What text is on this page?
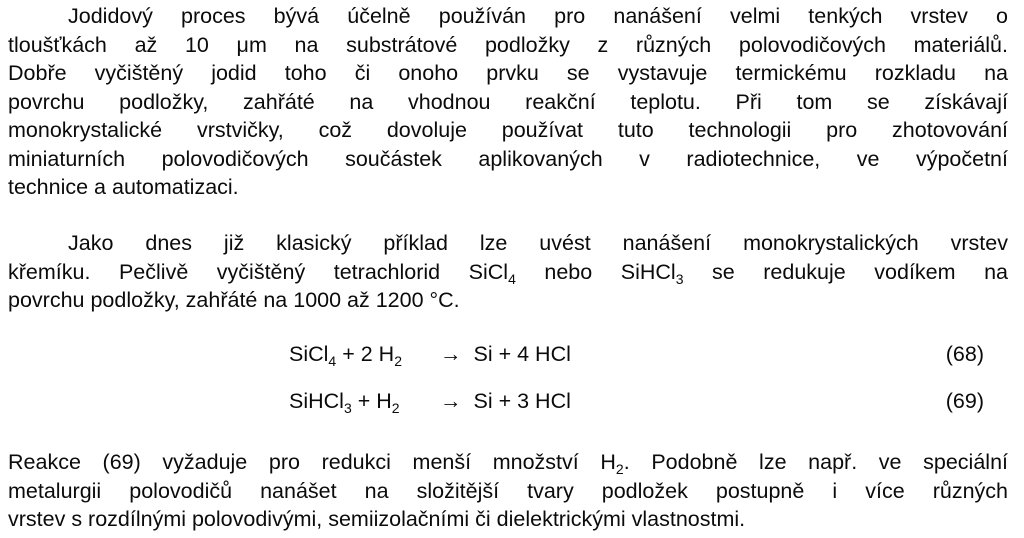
Jodidový proces bývá účelně používán pro nanášení velmi tenkých vrstev o
tloušťkách až 10 μm na substrátové podložky z různých polovodičových materiálů.
Dobře vyčištěný jodid toho či onoho prvku se vystavuje termickému rozkladu na
povrchu podložky, zahřáté na vhodnou reakční teplotu. Při tom se získávají
monokrystalické vrstvičky, což dovoluje používat tuto technologii pro zhotovování
miniaturních polovodičových součástek aplikovaných v radiotechnice, ve výpočetní
technice a automatizaci.

Jako dnes již klasický příklad lze uvést nanášení monokrystalických vrstev
křemíku. Pečlivě vyčištěný tetrachlorid SiCl$_4$ nebo SiHCl$_3$ se redukuje vodíkem na
povrchu podložky, zahřáté na 1000 až 1200 °C.

SiCl$_4$ + 2 $H_2 \to Si + 4$ HCl	(68)
SiHCl$_3$ + $H_2 \to Si + 3$ HCl	(69)

Reakce (69) vyžaduje pro redukci menší množství $H_2$. Podobně lze např. ve speciální
metalurgii polovodičů nanášet na složitější tvary podložek postupně i více různých
vrstev s rozdílnými polovodivými, semiizolačními či dielektrickými vlastnostmi.
